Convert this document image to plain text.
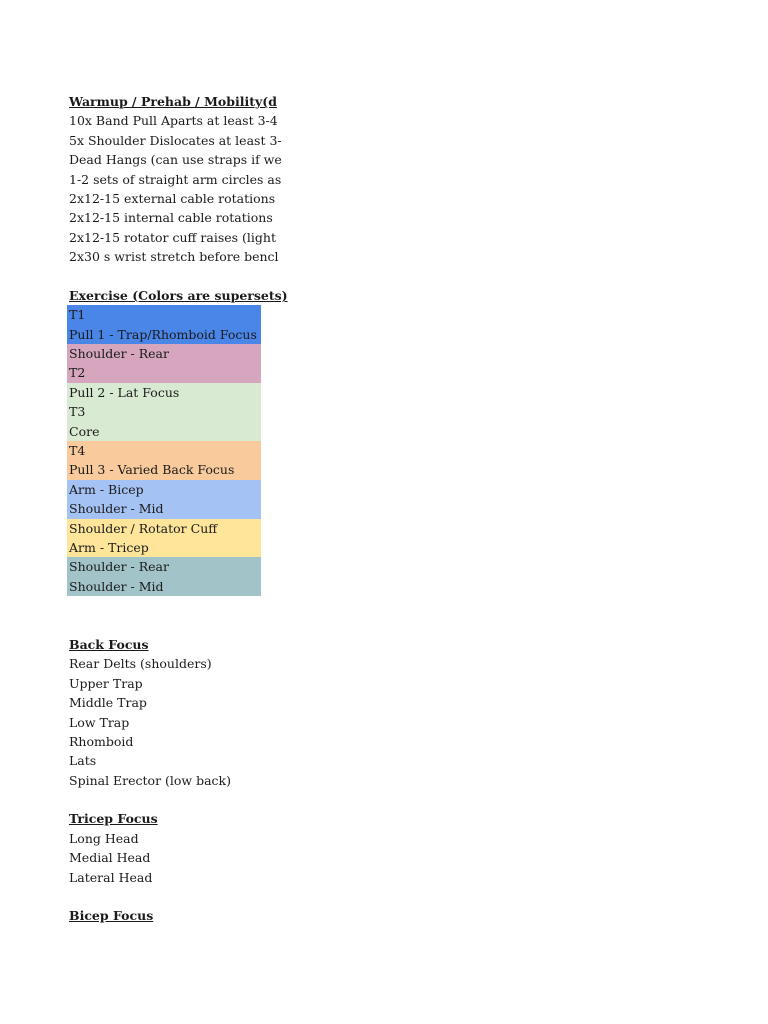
Warmup / Prehab / Mobility(d
10x Band Pull Aparts at least 3-4
5x Shoulder Dislocates at least 3-
Dead Hangs (can use straps if we
1-2 sets of straight arm circles as
2x12-15 external cable rotations
2x12-15 internal cable rotations
2x12-15 rotator cuff raises (light
2x30 s wrist stretch before bencl
Exercise (Colors are supersets)
T1
Pull 1 - Trap/Rhomboid Focus
Shoulder - Rear
T2
Pull 2 - Lat Focus
T3
Core
T4
Pull 3 - Varied Back Focus
Arm - Bicep
Shoulder - Mid
Shoulder / Rotator Cuff
Arm - Tricep
Shoulder - Rear
Shoulder - Mid
Back Focus
Rear Delts (shoulders)
Upper Trap
Middle Trap
Low Trap
Rhomboid
Lats
Spinal Erector (low back)
Tricep Focus
Long Head
Medial Head
Lateral Head
Bicep Focus
